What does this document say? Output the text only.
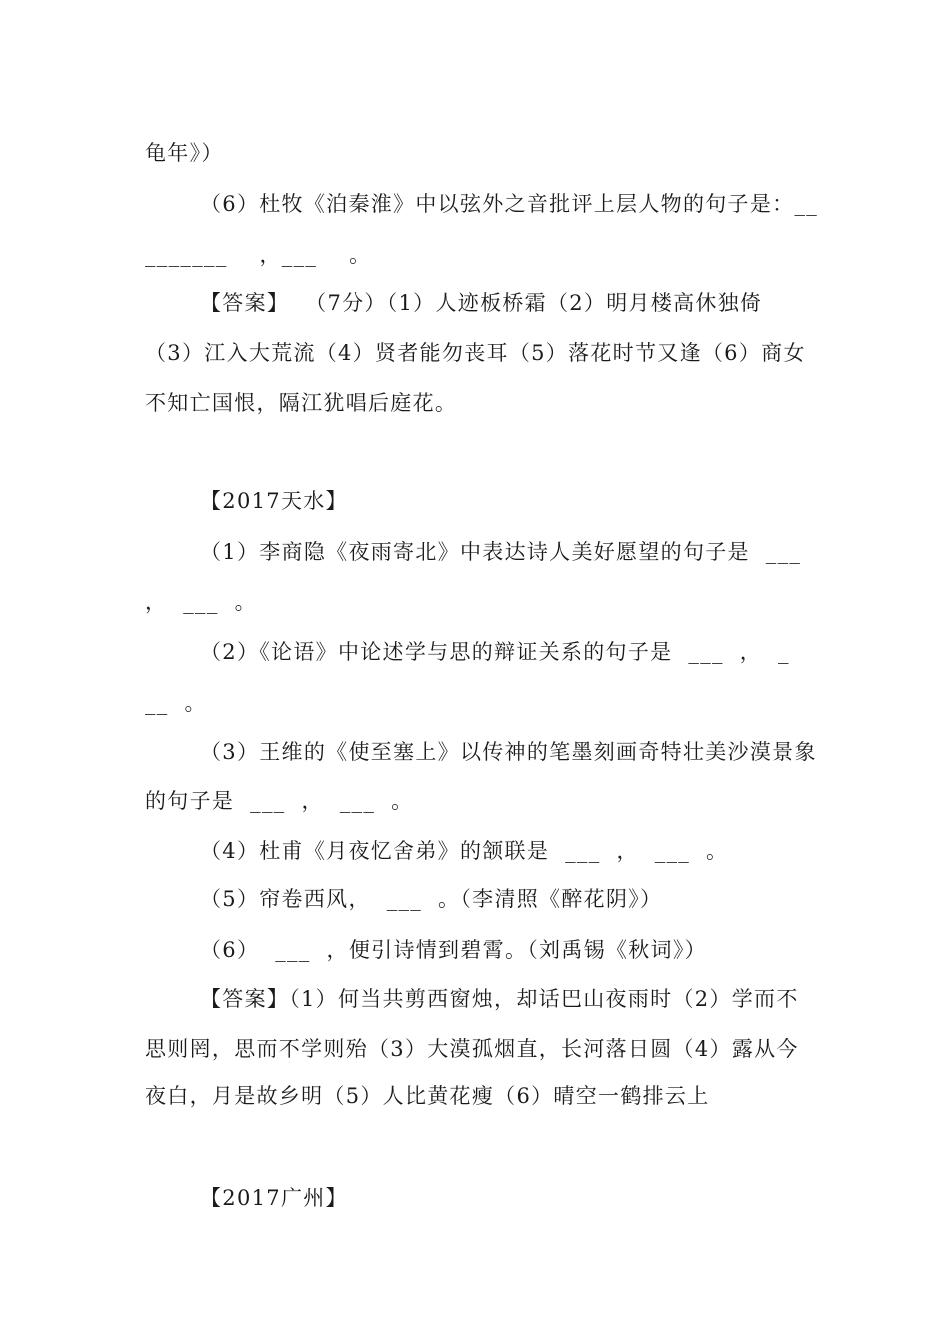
龟年》）
（6）杜牧《泊秦淮》中以弦外之音批评上层人物的句子是：__
_______    ，___    。
【答案】  （7分）（1）人迹板桥霜（2）明月楼高休独倚
（3）江入大荒流（4）贤者能勿丧耳（5）落花时节又逢（6）商女
不知亡国恨，隔江犹唱后庭花。
【2017天水】
（1）李商隐《夜雨寄北》中表达诗人美好愿望的句子是  ___
，  ___  。
（2）《论语》中论述学与思的辩证关系的句子是  ___  ，  _
__  。
（3）王维的《使至塞上》以传神的笔墨刻画奇特壮美沙漠景象
的句子是  ___  ，  ___  。
（4）杜甫《月夜忆舍弟》的颔联是  ___  ，  ___  。
（5）帘卷西风，  ___  。（李清照《醉花阴》）
（6）  ___  ，便引诗情到碧霄。（刘禹锡《秋词》）
【答案】（1）何当共剪西窗烛，却话巴山夜雨时（2）学而不
思则罔，思而不学则殆（3）大漠孤烟直，长河落日圆（4）露从今
夜白，月是故乡明（5）人比黄花瘦（6）晴空一鹤排云上
【2017广州】
